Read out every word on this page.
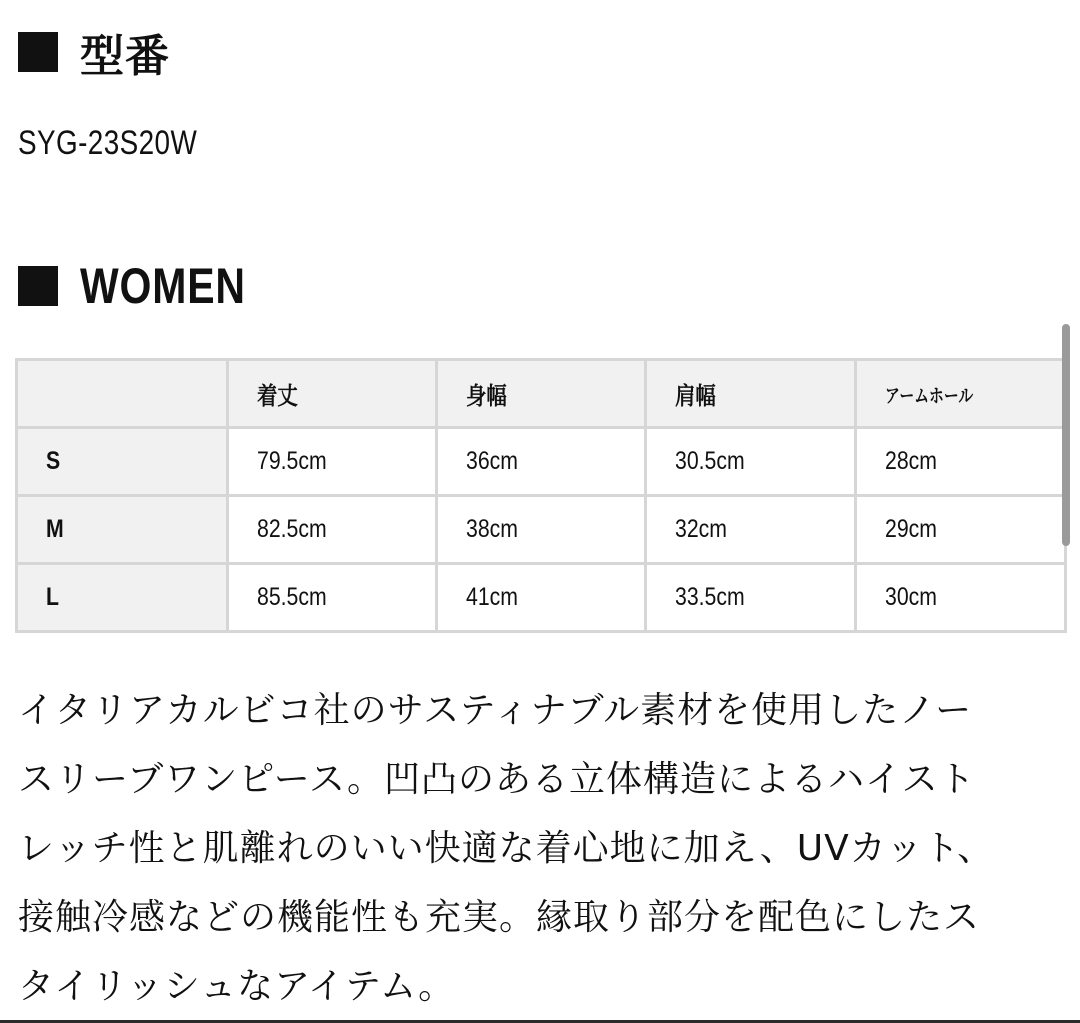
型番
SYG-23S20W
WOMEN
	着丈	身幅	肩幅	アームホール
S	79.5cm	36cm	30.5cm	28cm
M	82.5cm	38cm	32cm	29cm
L	85.5cm	41cm	33.5cm	30cm
イタリアカルビコ社のサスティナブル素材を使用したノー
スリーブワンピース。凹凸のある立体構造によるハイスト
レッチ性と肌離れのいい快適な着心地に加え、UVカット、
接触冷感などの機能性も充実。縁取り部分を配色にしたス
タイリッシュなアイテム。
